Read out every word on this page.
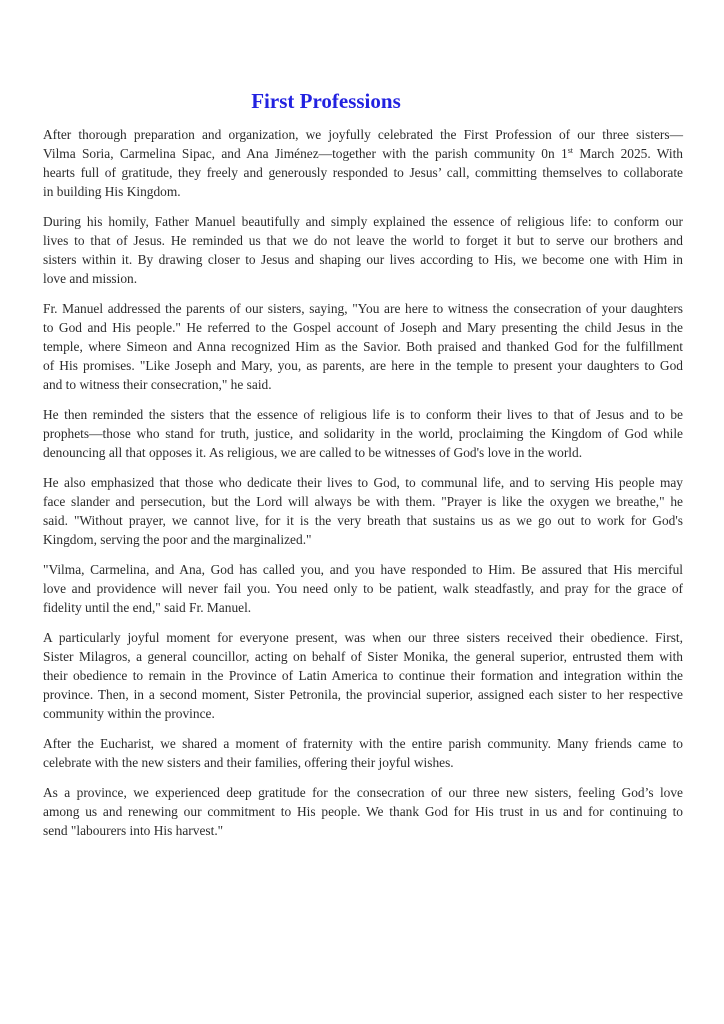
First Professions

After thorough preparation and organization, we joyfully celebrated the First Profession of our three sisters—
Vilma Soria, Carmelina Sipac, and Ana Jiménez—together with the parish community 0n 1st March 2025. With
hearts full of gratitude, they freely and generously responded to Jesus’ call, committing themselves to collaborate
in building His Kingdom.

During his homily, Father Manuel beautifully and simply explained the essence of religious life: to conform our
lives to that of Jesus. He reminded us that we do not leave the world to forget it but to serve our brothers and
sisters within it. By drawing closer to Jesus and shaping our lives according to His, we become one with Him in
love and mission.

Fr. Manuel addressed the parents of our sisters, saying, "You are here to witness the consecration of your daughters
to God and His people." He referred to the Gospel account of Joseph and Mary presenting the child Jesus in the
temple, where Simeon and Anna recognized Him as the Savior. Both praised and thanked God for the fulfillment
of His promises. "Like Joseph and Mary, you, as parents, are here in the temple to present your daughters to God
and to witness their consecration," he said.

He then reminded the sisters that the essence of religious life is to conform their lives to that of Jesus and to be
prophets—those who stand for truth, justice, and solidarity in the world, proclaiming the Kingdom of God while
denouncing all that opposes it. As religious, we are called to be witnesses of God's love in the world.

He also emphasized that those who dedicate their lives to God, to communal life, and to serving His people may
face slander and persecution, but the Lord will always be with them. "Prayer is like the oxygen we breathe," he
said. "Without prayer, we cannot live, for it is the very breath that sustains us as we go out to work for God's
Kingdom, serving the poor and the marginalized."

"Vilma, Carmelina, and Ana, God has called you, and you have responded to Him. Be assured that His merciful
love and providence will never fail you. You need only to be patient, walk steadfastly, and pray for the grace of
fidelity until the end," said Fr. Manuel.

A particularly joyful moment for everyone present, was when our three sisters received their obedience. First,
Sister Milagros, a general councillor, acting on behalf of Sister Monika, the general superior, entrusted them with
their obedience to remain in the Province of Latin America to continue their formation and integration within the
province. Then, in a second moment, Sister Petronila, the provincial superior, assigned each sister to her respective
community within the province.

After the Eucharist, we shared a moment of fraternity with the entire parish community. Many friends came to
celebrate with the new sisters and their families, offering their joyful wishes.

As a province, we experienced deep gratitude for the consecration of our three new sisters, feeling God’s love
among us and renewing our commitment to His people. We thank God for His trust in us and for continuing to
send "labourers into His harvest."
